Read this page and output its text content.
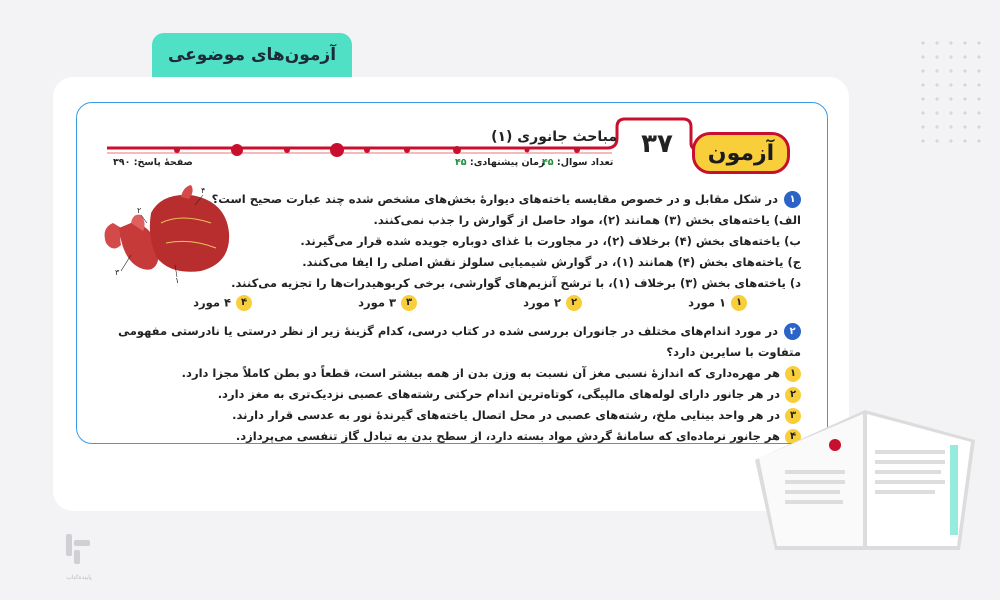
آزمون‌های موضوعی
آزمون
۳۷
مباحث جانوری (۱)
تعداد سوال: ۴۵
زمان پیشنهادی: ۴۵
صفحهٔ پاسخ: ۳۹۰
۱در شکل مقابل و در خصوص مقایسه یاخته‌های دیوارهٔ بخش‌های مشخص شده چند عبارت صحیح است؟
الف) یاخته‌های بخش (۳) همانند (۲)، مواد حاصل از گوارش را جذب نمی‌کنند.
ب) یاخته‌های بخش (۴) برخلاف (۲)، در مجاورت با غذای دوباره جویده شده قرار می‌گیرند.
ج) یاخته‌های بخش (۴) همانند (۱)، در گوارش شیمیایی سلولز نقش اصلی را ایفا می‌کنند.
د) یاخته‌های بخش (۳) برخلاف (۱)، با ترشح آنزیم‌های گوارشی، برخی کربوهیدرات‌ها را تجزیه می‌کنند.
۱۱ مورد
۲۲ مورد
۳۳ مورد
۴۴ مورد
۴
۲
۳
۱
۲در مورد اندام‌های مختلف در جانوران بررسی شده در کتاب درسی، کدام گزینهٔ زیر از نظر درستی یا نادرستی مفهومی متفاوت با سایرین دارد؟
۱هر مهره‌داری که اندازهٔ نسبی مغز آن نسبت به وزن بدن از همه بیشتر است، قطعاً دو بطن کاملاً مجزا دارد.
۲در هر جانور دارای لوله‌های مالپیگی، کوتاه‌ترین اندام حرکتی رشته‌های عصبی نزدیک‌تری به مغز دارد.
۳در هر واحد بینایی ملخ، رشته‌های عصبی در محل اتصال یاخته‌های گیرندهٔ نور به عدسی قرار دارند.
۴هر جانور نرماده‌ای که سامانهٔ گردش مواد بسته دارد، از سطح بدن به تبادل گاز تنفسی می‌پردازد.
پاینده‌کتاب
